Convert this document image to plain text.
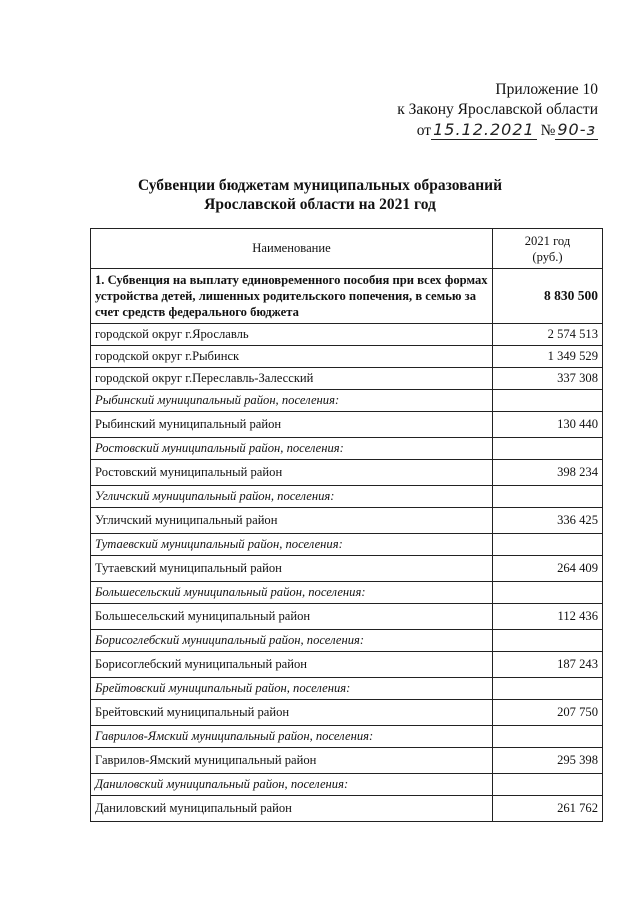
Приложение 10
к Закону Ярославской области
от 15.12.2021 № 90-з
Субвенции бюджетам муниципальных образований
Ярославской области на 2021 год
Наименование	2021 год
(руб.)

1. Субвенция на выплату единовременного пособия при всех формах устройства детей, лишенных родительского попечения, в семью за счет средств федерального бюджета	8 830 500
городской округ г.Ярославль	2 574 513
городской округ г.Рыбинск	1 349 529
городской округ г.Переславль-Залесский	337 308
Рыбинский муниципальный район, поселения:	
Рыбинский муниципальный район	130 440
Ростовский муниципальный район, поселения:	
Ростовский муниципальный район	398 234
Угличский муниципальный район, поселения:	
Угличский муниципальный район	336 425
Тутаевский муниципальный район, поселения:	
Тутаевский муниципальный район	264 409
Большесельский муниципальный район, поселения:	
Большесельский муниципальный район	112 436
Борисоглебский муниципальный район, поселения:	
Борисоглебский муниципальный район	187 243
Брейтовский муниципальный район, поселения:	
Брейтовский муниципальный район	207 750
Гаврилов-Ямский муниципальный район, поселения:	
Гаврилов-Ямский муниципальный район	295 398
Даниловский муниципальный район, поселения:	
Даниловский муниципальный район	261 762
